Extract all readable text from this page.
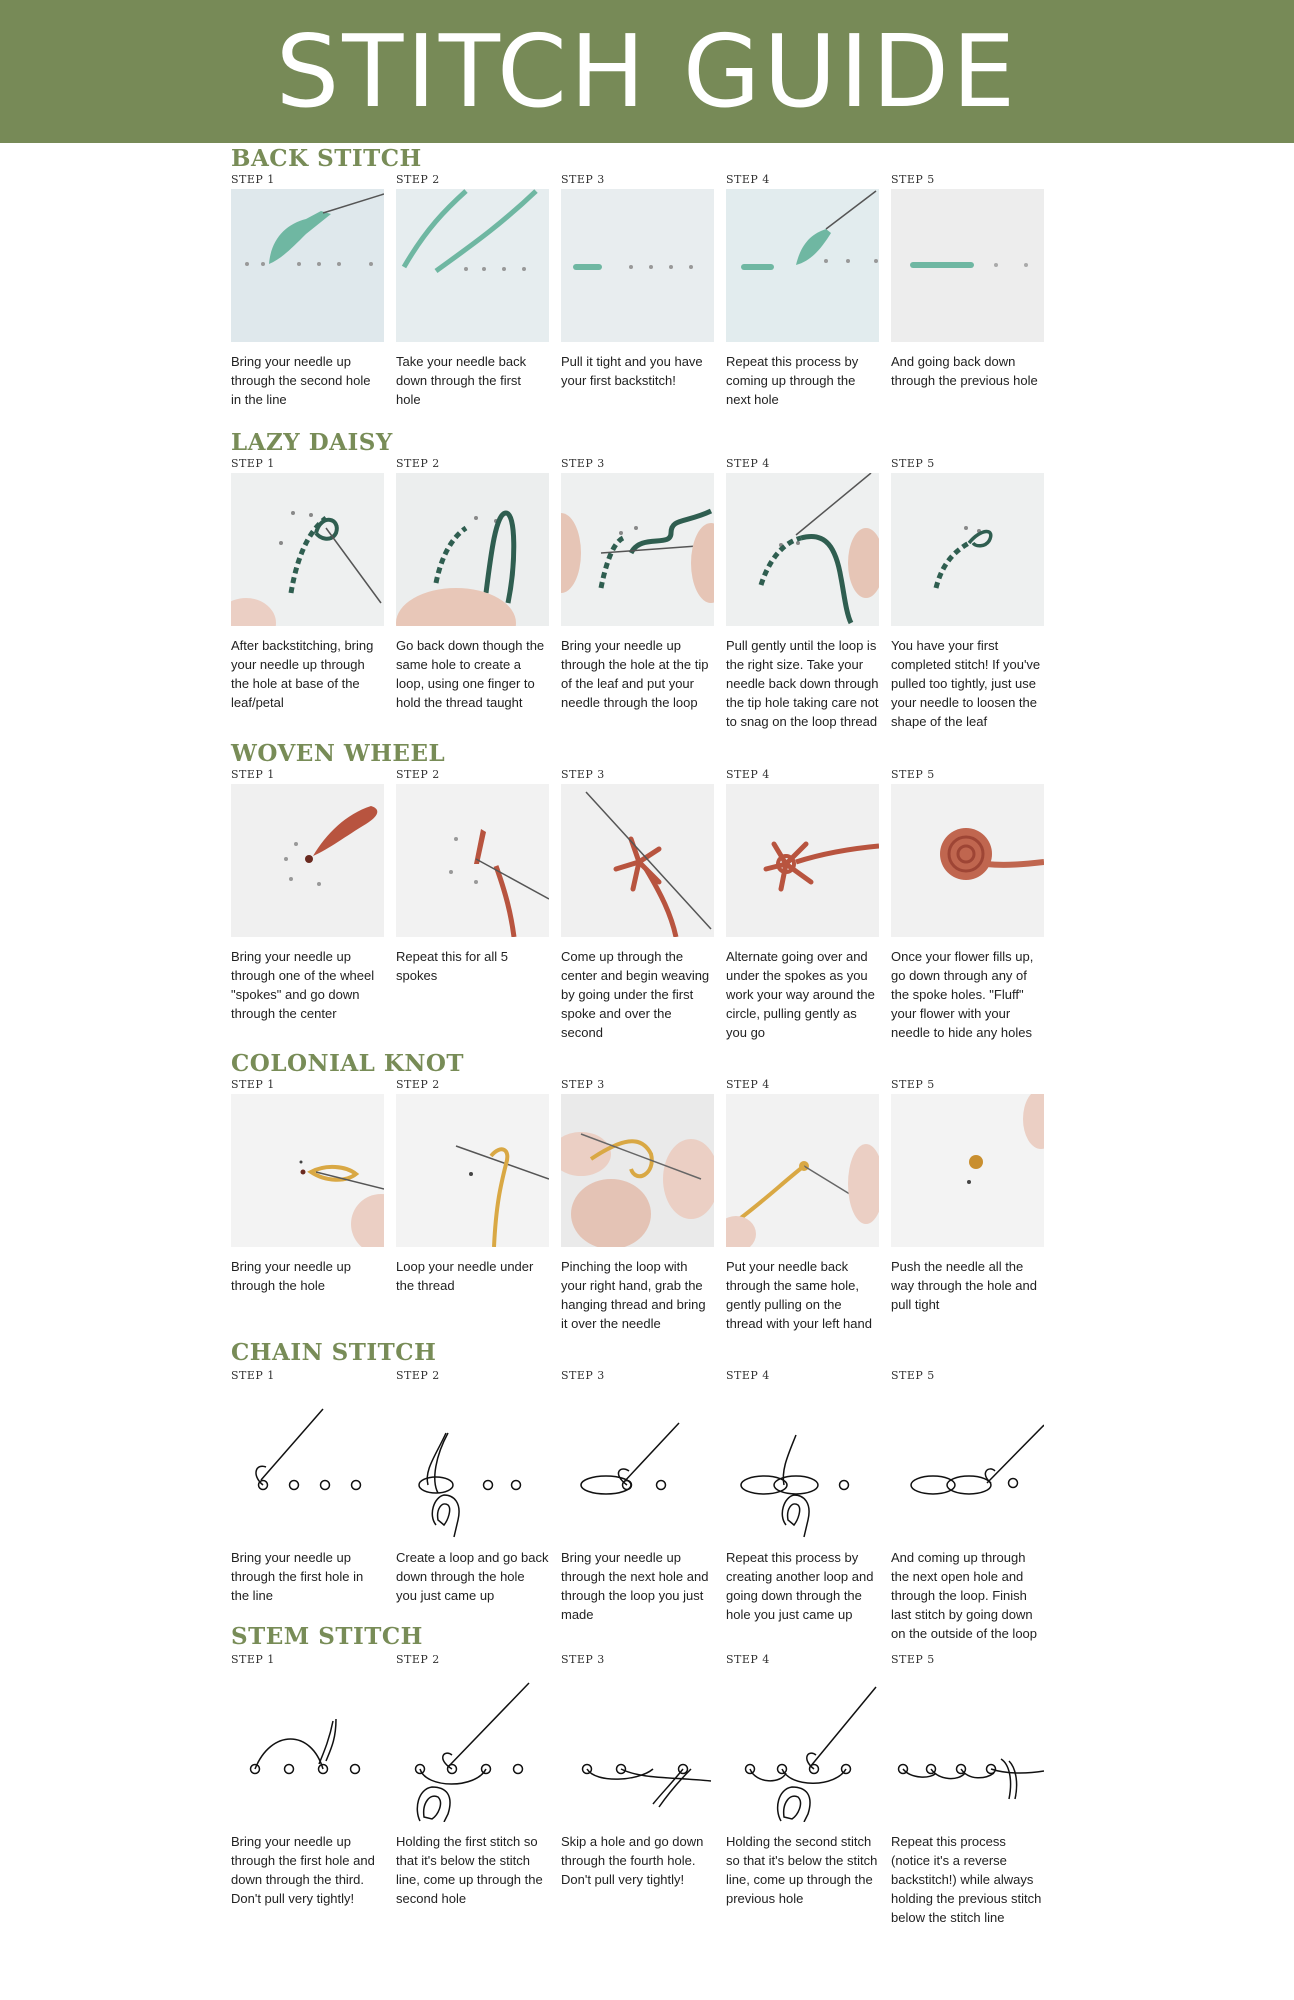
STITCH GUIDE
BACK STITCH
STEP 1
Bring your needle up through the second hole in the line
STEP 2
Take your needle back down through the first hole
STEP 3
Pull it tight and you have your first backstitch!
STEP 4
Repeat this process by coming up through the next hole
STEP 5
And going back down through the previous hole
LAZY DAISY
STEP 1
After backstitching, bring your needle up through the hole at base of the leaf/petal
STEP 2
Go back down though the same hole to create a loop, using one finger to hold the thread taught
STEP 3
Bring your needle up through the hole at the tip of the leaf and put your needle through the loop
STEP 4
Pull gently until the loop is the right size. Take your needle back down through the tip hole taking care not to snag on the loop thread
STEP 5
You have your first completed stitch! If you've pulled too tightly, just use your needle to loosen the shape of the leaf
WOVEN WHEEL
STEP 1
Bring your needle up through one of the wheel "spokes" and go down through the center
STEP 2
Repeat this for all 5 spokes
STEP 3
Come up through the center and begin weaving by going under the first spoke and over the second
STEP 4
Alternate going over and under the spokes as you work your way around the circle, pulling gently as you go
STEP 5
Once your flower fills up, go down through any of the spoke holes. "Fluff" your flower with your needle to hide any holes
COLONIAL KNOT
STEP 1
Bring your needle up through the hole
STEP 2
Loop your needle under the thread
STEP 3
Pinching the loop with your right hand, grab the hanging thread and bring it over the needle
STEP 4
Put your needle back through the same hole, gently pulling on the thread with your left hand
STEP 5
Push the needle all the way through the hole and pull tight
CHAIN STITCH
STEP 1
Bring your needle up through the first hole in the line
STEP 2
Create a loop and go back down through the hole you just came up
STEP 3
Bring your needle up through the next hole and through the loop you just made
STEP 4
Repeat this process by creating another loop and going down through the hole you just came up
STEP 5
And coming up through the next open hole and through the loop. Finish last stitch by going down on the outside of the loop
STEM STITCH
STEP 1
Bring your needle up through the first hole and down through the third. Don't pull very tightly!
STEP 2
Holding the first stitch so that it's below the stitch line, come up through the second hole
STEP 3
Skip a hole and go down through the fourth hole. Don't pull very tightly!
STEP 4
Holding the second stitch so that it's below the stitch line, come up through the previous hole
STEP 5
Repeat this process (notice it's a reverse backstitch!) while always holding the previous stitch below the stitch line
